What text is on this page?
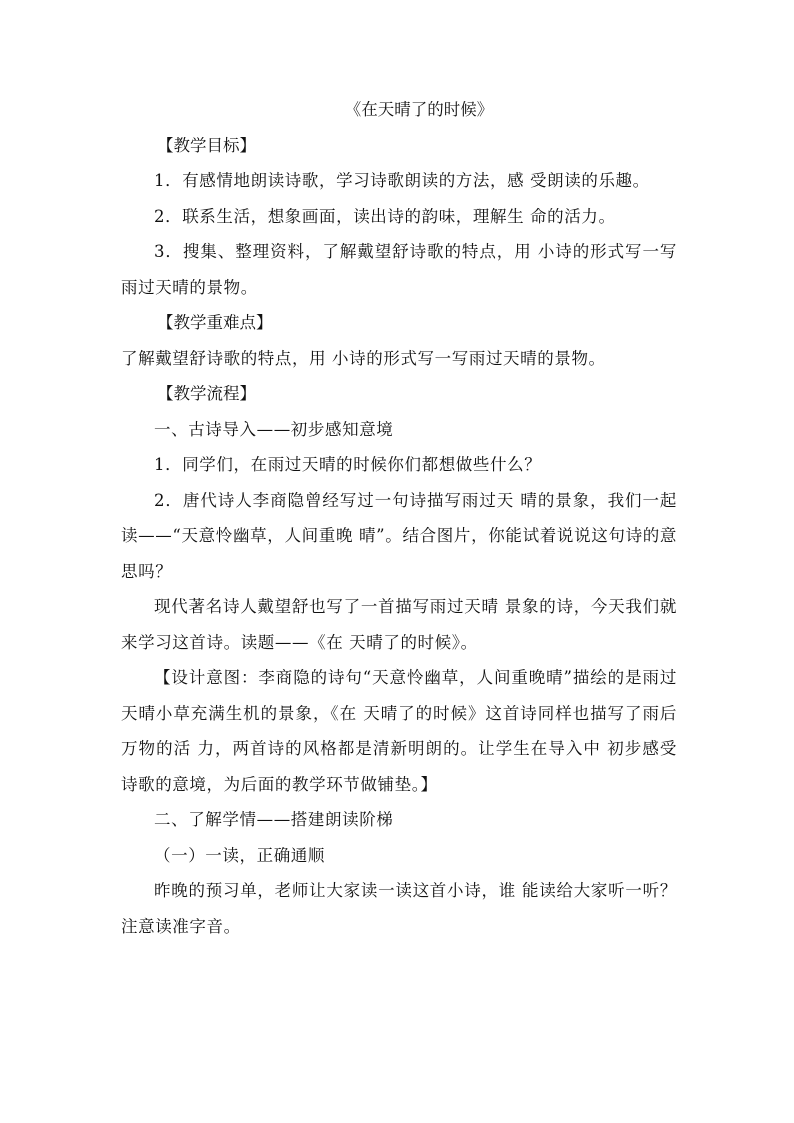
《在天晴了的时候》

【教学目标】

1．有感情地朗读诗歌，学习诗歌朗读的方法，感 受朗读的乐趣。

2．联系生活，想象画面，读出诗的韵味，理解生 命的活力。

3．搜集、整理资料，了解戴望舒诗歌的特点，用 小诗的形式写一写雨过天晴的景物。

【教学重难点】

了解戴望舒诗歌的特点，用 小诗的形式写一写雨过天晴的景物。

【教学流程】

一、古诗导入——初步感知意境

1．同学们，在雨过天晴的时候你们都想做些什么？

2．唐代诗人李商隐曾经写过一句诗描写雨过天 晴的景象，我们一起读——“天意怜幽草，人间重晚 晴”。结合图片，你能试着说说这句诗的意思吗？

现代著名诗人戴望舒也写了一首描写雨过天晴 景象的诗，今天我们就来学习这首诗。读题——《在 天晴了的时候》。

【设计意图：李商隐的诗句“天意怜幽草，人间重晚晴”描绘的是雨过天晴小草充满生机的景象，《在 天晴了的时候》这首诗同样也描写了雨后万物的活 力，两首诗的风格都是清新明朗的。让学生在导入中 初步感受诗歌的意境，为后面的教学环节做铺垫。】

二、了解学情——搭建朗读阶梯

（一）一读，正确通顺

昨晚的预习单，老师让大家读一读这首小诗，谁 能读给大家听一听？注意读准字音。
